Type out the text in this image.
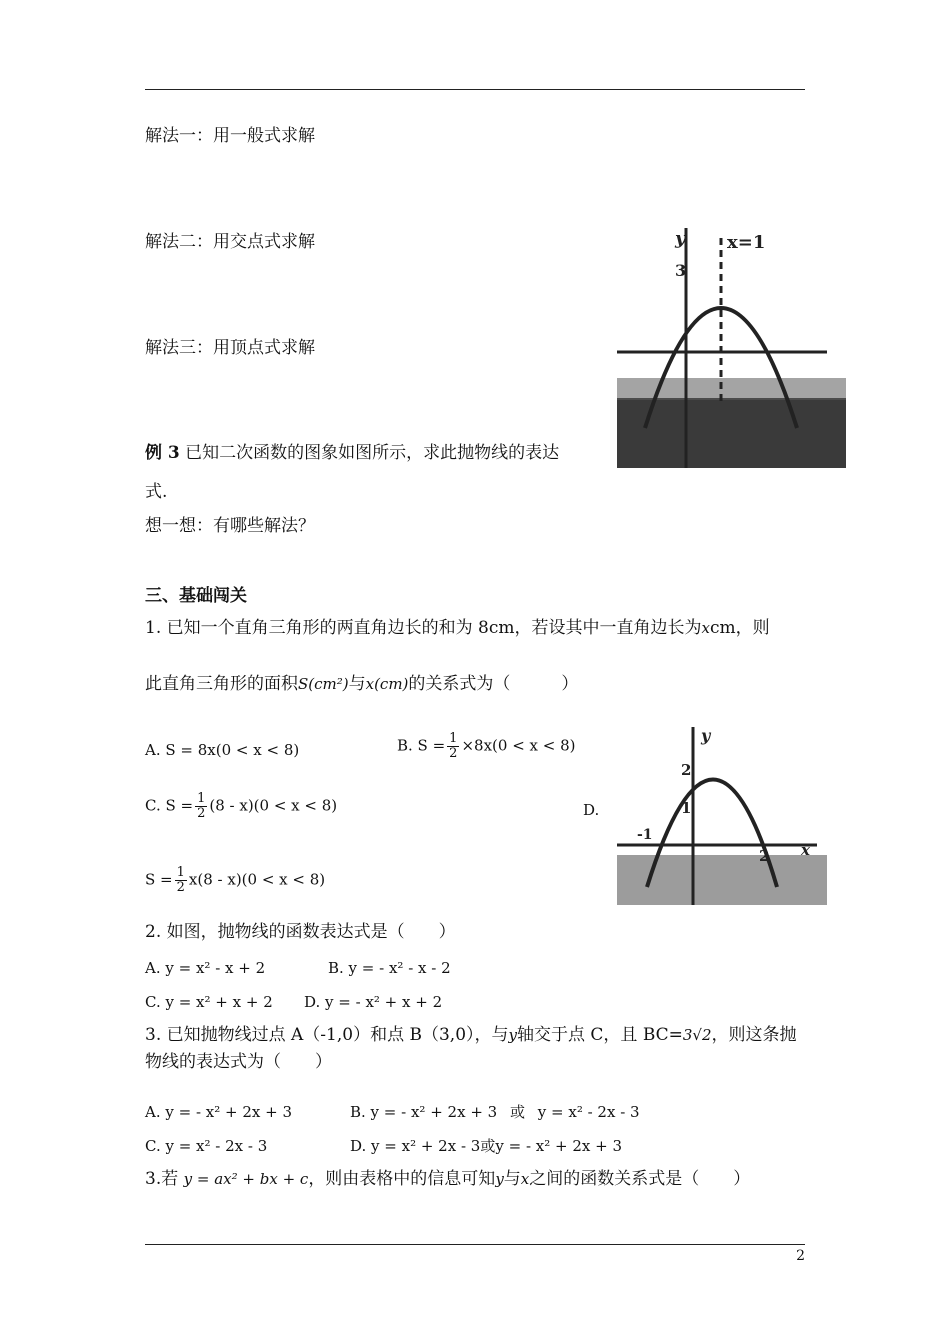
解法一：用一般式求解
解法二：用交点式求解
解法三：用顶点式求解
例 3 已知二次函数的图象如图所示，求此抛物线的表达
式.
想一想：有哪些解法？
y x=1
3
三、基础闯关
1. 已知一个直角三角形的两直角边长的和为 8cm，若设其中一直角边长为xcm，则
此直角三角形的面积S(cm²)与x(cm)的关系式为（　　　）
A. S = 8x(0 < x < 8)	B. $S = \frac{1}{2} \times 8x(0 < x < 8)$
C. $S = \frac{1}{2} (8 - x)(0 < x < 8)$	D.
$S = \frac{1}{2} x(8 - x)(0 < x < 8)$
y
2
1
-1
2 x
2. 如图，抛物线的函数表达式是（　　）
A. y = x² - x + 2	B. y = - x² - x - 2
C. y = x² + x + 2 D. y = - x² + x + 2
3. 已知抛物线过点 A（-1,0）和点 B（3,0），与y轴交于点 C，且 BC=3√2，则这条抛
物线的表达式为（　　）
A. y = - x² + 2x + 3	B. y = - x² + 2x + 3 或 y = x² - 2x - 3
C. y = x² - 2x - 3	D. y = x² + 2x - 3或y = - x² + 2x + 3
3.若 y = ax² + bx + c，则由表格中的信息可知y与x之间的函数关系式是（　　）
2
